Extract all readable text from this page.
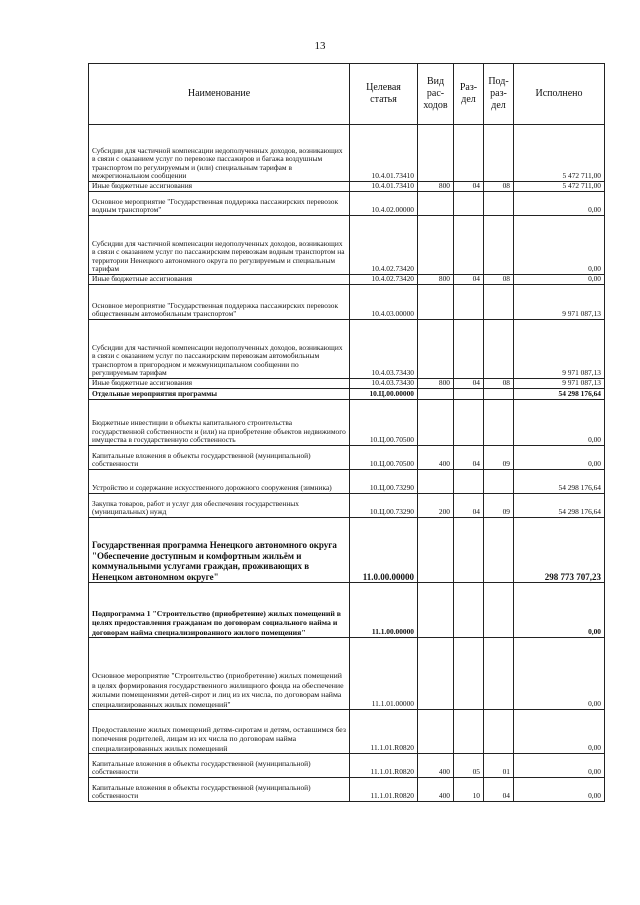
13
Наименование	Целевая статья	Вид рас- ходов	Раз- дел	Под- раз- дел	Исполнено
Субсидии для частичной компенсации недополученных доходов, возникающих в связи с оказанием услуг по перевозке пассажиров и багажа воздушным транспортом по регулируемым и (или) специальным тарифам в межрегиональном сообщении	10.4.01.73410				5 472 711,00
Иные бюджетные ассигнования	10.4.01.73410	800	04	08	5 472 711,00
Основное мероприятие "Государственная поддержка пассажирских перевозок водным транспортом"	10.4.02.00000				0,00
Субсидии для частичной компенсации недополученных доходов, возникающих в связи с оказанием услуг по пассажирским перевозкам водным транспортом на территории Ненецкого автономного округа по регулируемым и специальным тарифам	10.4.02.73420				0,00
Иные бюджетные ассигнования	10.4.02.73420	800	04	08	0,00
Основное мероприятие "Государственная поддержка пассажирских перевозок общественным автомобильным транспортом"	10.4.03.00000				9 971 087,13
Субсидии для частичной компенсации недополученных доходов, возникающих в связи с оказанием услуг по пассажирским перевозкам автомобильным транспортом в пригородном и межмуниципальном сообщении по регулируемым тарифам	10.4.03.73430				9 971 087,13
Иные бюджетные ассигнования	10.4.03.73430	800	04	08	9 971 087,13
Отдельные мероприятия программы	10.Ц.00.00000				54 298 176,64
Бюджетные инвестиции в объекты капитального строительства государственной собственности и (или) на приобретение объектов недвижимого имущества в государственную собственность	10.Ц.00.70500				0,00
Капитальные вложения в объекты государственной (муниципальной) собственности	10.Ц.00.70500	400	04	09	0,00
Устройство и содержание искусственного дорожного сооружения (зимника)	10.Ц.00.73290				54 298 176,64
Закупка товаров, работ и услуг для обеспечения государственных (муниципальных) нужд	10.Ц.00.73290	200	04	09	54 298 176,64
Государственная программа Ненецкого автономного округа "Обеспечение доступным и комфортным жильём и коммунальными услугами граждан, проживающих в Ненецком автономном округе"	11.0.00.00000				298 773 707,23
Подпрограмма 1 "Строительство (приобретение) жилых помещений в целях предоставления гражданам по договорам социального найма и договорам найма специализированного жилого помещения"	11.1.00.00000				0,00
Основное мероприятие "Строительство (приобретение) жилых помещений в целях формирования государственного жилищного фонда на обеспечение жилыми помещениями детей-сирот и лиц из их числа, по договорам найма специализированных жилых помещений"	11.1.01.00000				0,00
Предоставление жилых помещений детям-сиротам и детям, оставшимся без попечения родителей, лицам из их числа по договорам найма специализированных жилых помещений	11.1.01.R0820				0,00
Капитальные вложения в объекты государственной (муниципальной) собственности	11.1.01.R0820	400	05	01	0,00
Капитальные вложения в объекты государственной (муниципальной) собственности	11.1.01.R0820	400	10	04	0,00
